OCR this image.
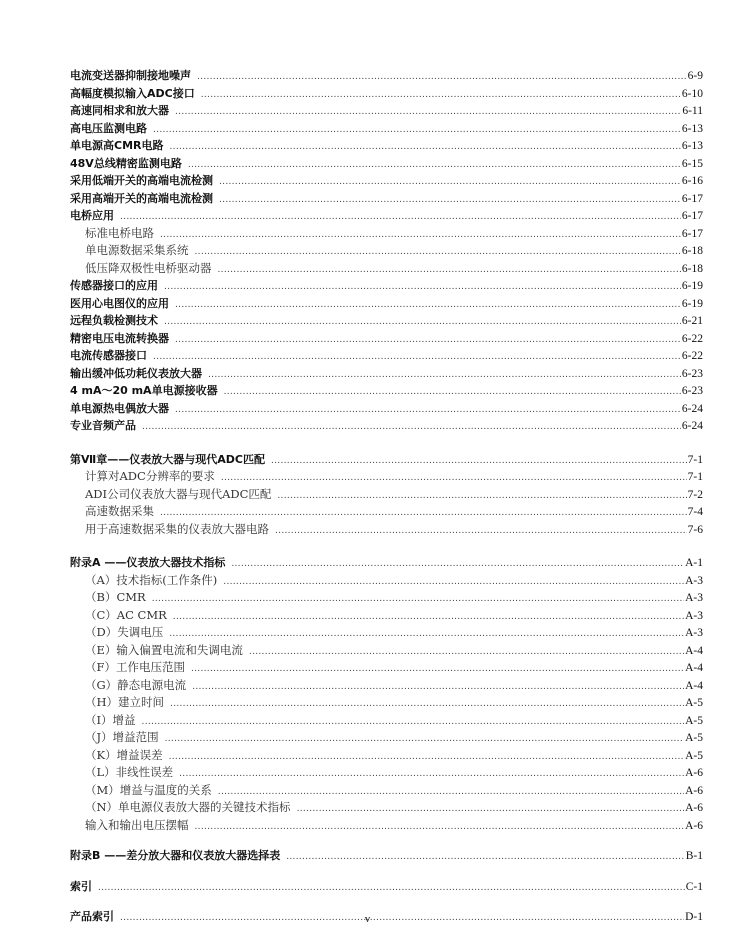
电流变送器抑制接地噪声 .....	6-9
高幅度模拟输入ADC接口 .....	6-10
高速同相求和放大器 .....	6-11
高电压监测电路 .....	6-13
单电源高CMR电路 .....	6-13
48V总线精密监测电路 .....	6-15
采用低端开关的高端电流检测 .....	6-16
采用高端开关的高端电流检测 .....	6-17
电桥应用 .....	6-17
标准电桥电路 .....	6-17
单电源数据采集系统 .....	6-18
低压降双极性电桥驱动器 .....	6-18
传感器接口的应用 .....	6-19
医用心电图仪的应用 .....	6-19
远程负载检测技术 .....	6-21
精密电压电流转换器 .....	6-22
电流传感器接口 .....	6-22
输出缓冲低功耗仪表放大器 .....	6-23
4 mA～20 mA单电源接收器 .....	6-23
单电源热电偶放大器 .....	6-24
专业音频产品 .....	6-24
第Ⅶ章——仪表放大器与现代ADC匹配 .....	7-1
计算对ADC分辨率的要求 .....	7-1
ADI公司仪表放大器与现代ADC匹配 .....	7-2
高速数据采集 .....	7-4
用于高速数据采集的仪表放大器电路 .....	7-6
附录A ——仪表放大器技术指标 .....	A-1
（A）技术指标(工作条件) .....	A-3
（B）CMR .....	A-3
（C）AC CMR .....	A-3
（D）失调电压 .....	A-3
（E）输入偏置电流和失调电流 .....	A-4
（F）工作电压范围 .....	A-4
（G）静态电源电流 .....	A-4
（H）建立时间 .....	A-5
（I）增益 .....	A-5
（J）增益范围 .....	A-5
（K）增益误差 .....	A-5
（L）非线性误差 .....	A-6
（M）增益与温度的关系 .....	A-6
（N）单电源仪表放大器的关键技术指标 .....	A-6
输入和输出电压摆幅 .....	A-6
附录B ——差分放大器和仪表放大器选择表 .....	B-1
索引 .....	C-1
产品索引 .....	D-1
v
